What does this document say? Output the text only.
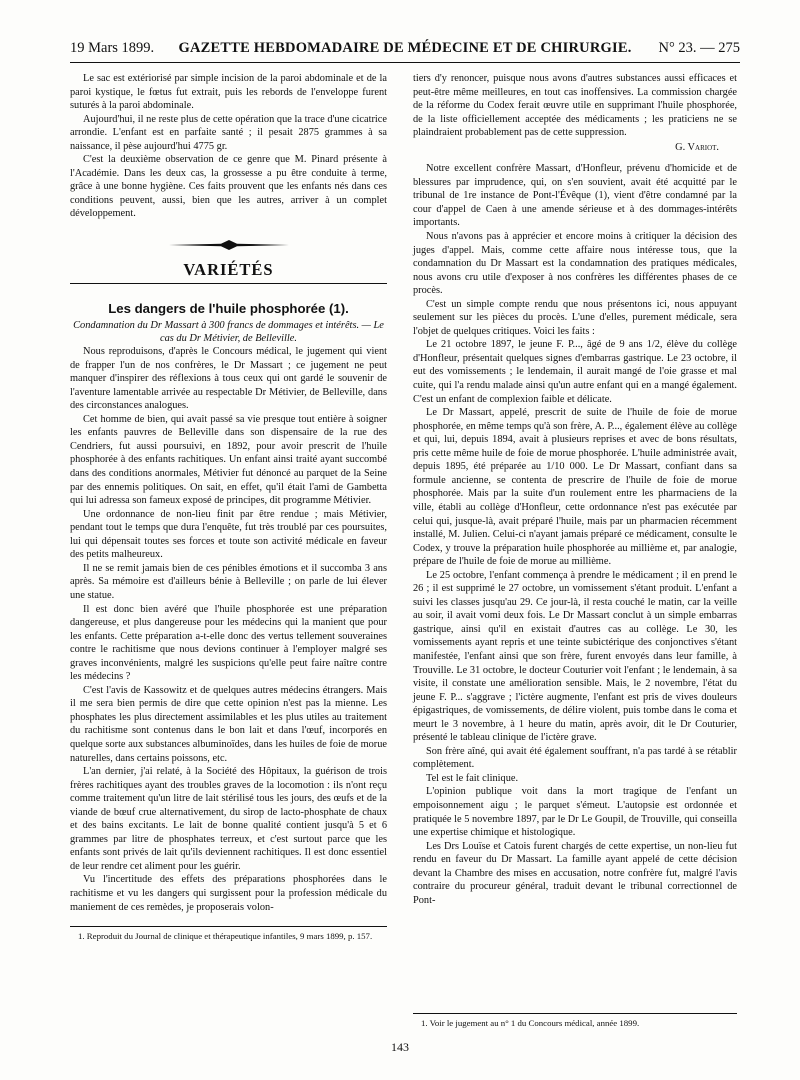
19 Mars 1899.	GAZETTE HEBDOMADAIRE DE MÉDECINE ET DE CHIRURGIE.	N° 23. — 275

Le sac est extériorisé par simple incision de la paroi abdominale et de la paroi kystique, le fœtus fut extrait, puis les rebords de l'enveloppe furent suturés à la paroi abdominale.

Aujourd'hui, il ne reste plus de cette opération que la trace d'une cicatrice arrondie. L'enfant est en parfaite santé ; il pesait 2875 grammes à sa naissance, il pèse aujourd'hui 4775 gr.

C'est la deuxième observation de ce genre que M. Pinard présente à l'Académie. Dans les deux cas, la grossesse a pu être conduite à terme, grâce à une bonne hygiène. Ces faits prouvent que les enfants nés dans ces conditions peuvent, aussi, bien que les autres, arriver à un complet développement.

VARIÉTÉS
Les dangers de l'huile phosphorée (1).

Condamnation du Dr Massart à 300 francs de dommages et intérêts. — Le cas du Dr Métivier, de Belleville.

Nous reproduisons, d'après le Concours médical, le jugement qui vient de frapper l'un de nos confrères, le Dr Massart ; ce jugement ne peut manquer d'inspirer des réflexions à tous ceux qui ont gardé le souvenir de l'aventure lamentable arrivée au respectable Dr Métivier, de Belleville, dans des circonstances analogues.

Cet homme de bien, qui avait passé sa vie presque tout entière à soigner les enfants pauvres de Belleville dans son dispensaire de la rue des Cendriers, fut aussi poursuivi, en 1892, pour avoir prescrit de l'huile phosphorée à des enfants rachitiques. Un enfant ainsi traité ayant succombé dans des conditions anormales, Métivier fut dénoncé au parquet de la Seine par des ennemis politiques. On sait, en effet, qu'il était l'ami de Gambetta qui lui adressa son fameux exposé de principes, dit programme Métivier.

Une ordonnance de non-lieu finit par être rendue ; mais Métivier, pendant tout le temps que dura l'enquête, fut très troublé par ces poursuites, lui qui dépensait toutes ses forces et toute son activité médicale en faveur des petits malheureux.

Il ne se remit jamais bien de ces pénibles émotions et il succomba 3 ans après. Sa mémoire est d'ailleurs bénie à Belleville ; on parle de lui élever une statue.

Il est donc bien avéré que l'huile phosphorée est une préparation dangereuse, et plus dangereuse pour les médecins qui la manient que pour les enfants. Cette préparation a-t-elle donc des vertus tellement souveraines contre le rachitisme que nous devions continuer à l'employer malgré ses graves inconvénients, malgré les suspicions qu'elle peut faire naître contre les médecins ?

C'est l'avis de Kassowitz et de quelques autres médecins étrangers. Mais il me sera bien permis de dire que cette opinion n'est pas la mienne. Les phosphates les plus directement assimilables et les plus utiles au traitement du rachitisme sont contenus dans le bon lait et dans l'œuf, incorporés en quelque sorte aux substances albuminoïdes, dans les huiles de foie de morue naturelles, dans certains poissons, etc.

L'an dernier, j'ai relaté, à la Société des Hôpitaux, la guérison de trois frères rachitiques ayant des troubles graves de la locomotion : ils n'ont reçu comme traitement qu'un litre de lait stérilisé tous les jours, des œufs et de la viande de bœuf crue alternativement, du sirop de lacto-phosphate de chaux et des bains excitants. Le lait de bonne qualité contient jusqu'à 5 et 6 grammes par litre de phosphates terreux, et c'est surtout parce que les enfants sont privés de lait qu'ils deviennent rachitiques. Il est donc essentiel de leur rendre cet aliment pour les guérir.

Vu l'incertitude des effets des préparations phosphorées dans le rachitisme et vu les dangers qui surgissent pour la profession médicale du maniement de ces remèdes, je proposerais volon-

1. Reproduit du Journal de clinique et thérapeutique infantiles, 9 mars 1899, p. 157.

tiers d'y renoncer, puisque nous avons d'autres substances aussi efficaces et peut-être même meilleures, en tout cas inoffensives. La commission chargée de la réforme du Codex ferait œuvre utile en supprimant l'huile phosphorée, de la liste officiellement acceptée des médicaments ; les praticiens ne se plaindraient probablement pas de cette suppression.

G. Variot.

Notre excellent confrère Massart, d'Honfleur, prévenu d'homicide et de blessures par imprudence, qui, on s'en souvient, avait été acquitté par le tribunal de 1re instance de Pont-l'Évêque (1), vient d'être condamné par la cour d'appel de Caen à une amende sérieuse et à des dommages-intérêts importants.

Nous n'avons pas à apprécier et encore moins à critiquer la décision des juges d'appel. Mais, comme cette affaire nous intéresse tous, que la condamnation du Dr Massart est la condamnation des pratiques médicales, nous avons cru utile d'exposer à nos confrères les différentes phases de ce procès.

C'est un simple compte rendu que nous présentons ici, nous appuyant seulement sur les pièces du procès. L'une d'elles, purement médicale, sera l'objet de quelques critiques. Voici les faits :

Le 21 octobre 1897, le jeune F. P..., âgé de 9 ans 1/2, élève du collège d'Honfleur, présentait quelques signes d'embarras gastrique. Le 23 octobre, il eut des vomissements ; le lendemain, il aurait mangé de l'oie grasse et mal cuite, qui l'a rendu malade ainsi qu'un autre enfant qui en a mangé également. C'est un enfant de complexion faible et délicate.

Le Dr Massart, appelé, prescrit de suite de l'huile de foie de morue phosphorée, en même temps qu'à son frère, A. P..., également élève au collège et qui, lui, depuis 1894, avait à plusieurs reprises et avec de bons résultats, pris cette même huile de foie de morue phosphorée. L'huile administrée avait, depuis 1895, été préparée au 1/10 000. Le Dr Massart, confiant dans sa formule ancienne, se contenta de prescrire de l'huile de foie de morue phosphorée. Mais par la suite d'un roulement entre les pharmaciens de la ville, établi au collège d'Honfleur, cette ordonnance n'est pas exécutée par celui qui, jusque-là, avait préparé l'huile, mais par un pharmacien récemment installé, M. Julien. Celui-ci n'ayant jamais préparé ce médicament, consulte le Codex, y trouve la préparation huile phosphorée au millième et, par analogie, prépare de l'huile de foie de morue au millième.

Le 25 octobre, l'enfant commença à prendre le médicament ; il en prend le 26 ; il est supprimé le 27 octobre, un vomissement s'étant produit. L'enfant a suivi les classes jusqu'au 29. Ce jour-là, il resta couché le matin, car la veille au soir, il avait vomi deux fois. Le Dr Massart conclut à un simple embarras gastrique, ainsi qu'il en existait d'autres cas au collège. Le 30, les vomissements ayant repris et une teinte subictérique des conjonctives s'étant manifestée, l'enfant ainsi que son frère, furent envoyés dans leur famille, à Trouville. Le 31 octobre, le docteur Couturier voit l'enfant ; le lendemain, à sa visite, il constate une amélioration sensible. Mais, le 2 novembre, l'état du jeune F. P... s'aggrave ; l'ictère augmente, l'enfant est pris de vives douleurs épigastriques, de vomissements, de délire violent, puis tombe dans le coma et meurt le 3 novembre, à 1 heure du matin, après avoir, dit le Dr Couturier, présenté le tableau clinique de l'ictère grave.

Son frère aîné, qui avait été également souffrant, n'a pas tardé à se rétablir complètement.

Tel est le fait clinique.

L'opinion publique voit dans la mort tragique de l'enfant un empoisonnement aigu ; le parquet s'émeut. L'autopsie est ordonnée et pratiquée le 5 novembre 1897, par le Dr Le Goupil, de Trouville, qui conseilla une expertise chimique et histologique.

Les Drs Louïse et Catois furent chargés de cette expertise, un non-lieu fut rendu en faveur du Dr Massart. La famille ayant appelé de cette décision devant la Chambre des mises en accusation, notre confrère fut, malgré l'avis contraire du procureur général, traduit devant le tribunal correctionnel de Pont-

1. Voir le jugement au n° 1 du Concours médical, année 1899.

143
